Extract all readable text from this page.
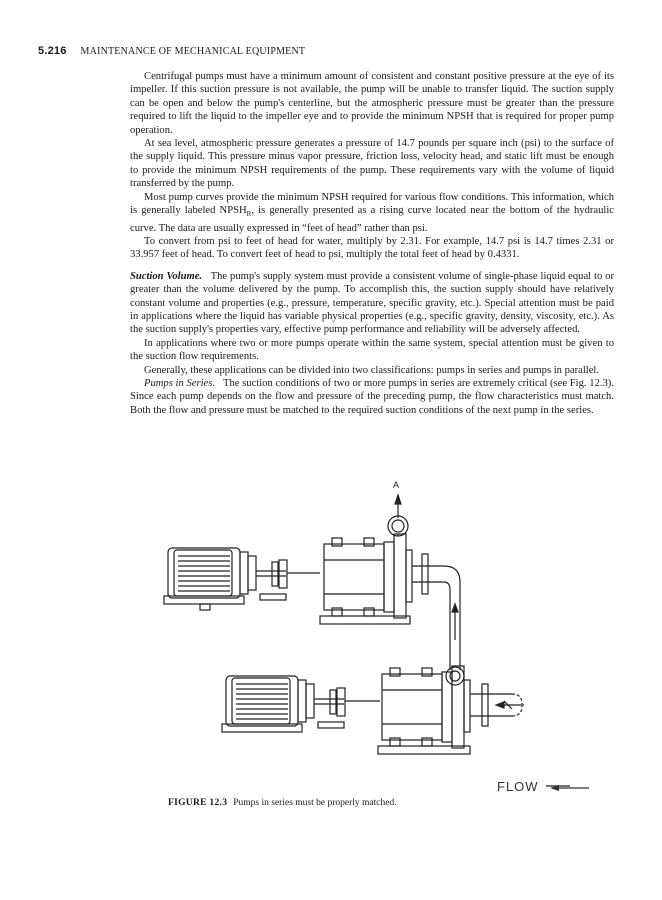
5.216 MAINTENANCE OF MECHANICAL EQUIPMENT

Centrifugal pumps must have a minimum amount of consistent and constant positive pressure at the eye of its impeller. If this suction pressure is not available, the pump will be unable to transfer liquid. The suction supply can be open and below the pump's centerline, but the atmospheric pressure must be greater than the pressure required to lift the liquid to the impeller eye and to provide the minimum NPSH that is required for proper pump operation.

At sea level, atmospheric pressure generates a pressure of 14.7 pounds per square inch (psi) to the surface of the supply liquid. This pressure minus vapor pressure, friction loss, velocity head, and static lift must be enough to provide the minimum NPSH requirements of the pump. These requirements vary with the volume of liquid transferred by the pump.

Most pump curves provide the minimum NPSH required for various flow conditions. This information, which is generally labeled $NPSH_R$, is generally presented as a rising curve located near the bottom of the hydraulic curve. The data are usually expressed in “feet of head” rather than psi.

To convert from psi to feet of head for water, multiply by 2.31. For example, 14.7 psi is 14.7 times 2.31 or 33.957 feet of head. To convert feet of head to psi, multiply the total feet of head by 0.4331.

Suction Volume. The pump's supply system must provide a consistent volume of single-phase liquid equal to or greater than the volume delivered by the pump. To accomplish this, the suction supply should have relatively constant volume and properties (e.g., pressure, temperature, specific gravity, etc.). Special attention must be paid in applications where the liquid has variable physical properties (e.g., specific gravity, density, viscosity, etc.). As the suction supply's properties vary, effective pump performance and reliability will be adversely affected.

In applications where two or more pumps operate within the same system, special attention must be given to the suction flow requirements.

Generally, these applications can be divided into two classifications: pumps in series and pumps in parallel.

Pumps in Series. The suction conditions of two or more pumps in series are extremely critical (see Fig. 12.3). Since each pump depends on the flow and pressure of the preceding pump, the flow characteristics must match. Both the flow and pressure must be matched to the required suction conditions of the next pump in the series.

A
FLOW
FIGURE 12.3 Pumps in series must be properly matched.
